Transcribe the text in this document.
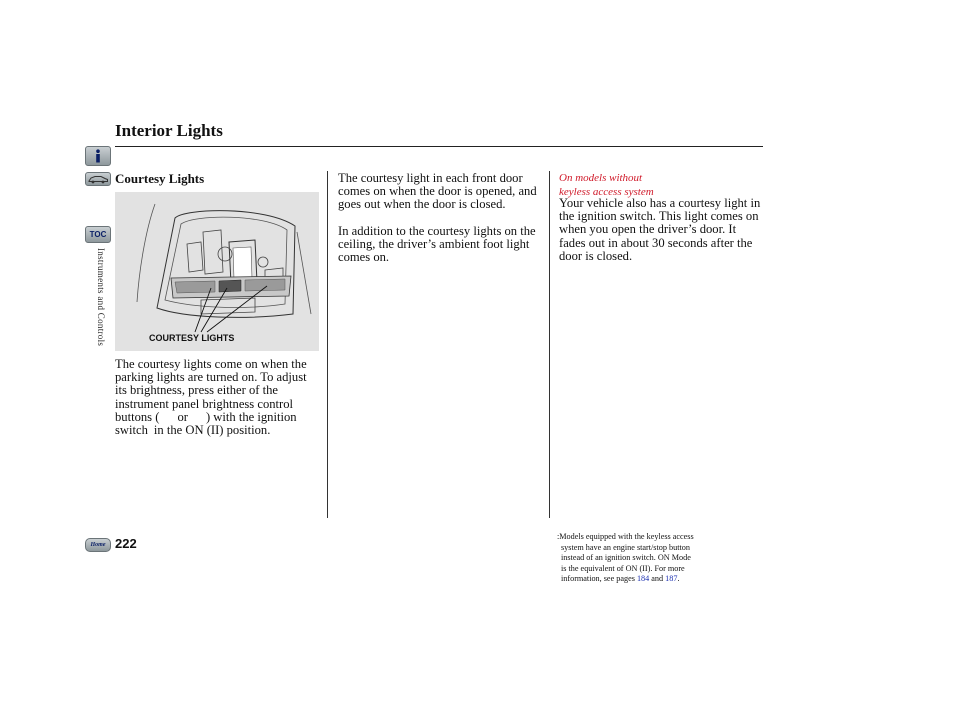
Interior Lights
TOC
Instruments and Controls
Home
Courtesy Lights
COURTESY LIGHTS
The courtesy lights come on when the parking lights are turned on. To adjust its brightness, press either of the instrument panel brightness control buttons ( or ) with the ignition switch in the ON (II) position.
The courtesy light in each front door comes on when the door is opened, and goes out when the door is closed.
In addition to the courtesy lights on the ceiling, the driver’s ambient foot light comes on.
On models without
keyless access system
Your vehicle also has a courtesy light in the ignition switch. This light comes on when you open the driver’s door. It fades out in about 30 seconds after the door is closed.
222	:Models equipped with the keyless access
system have an engine start/stop button
instead of an ignition switch. ON Mode
is the equivalent of ON (II). For more
information, see pages 184 and 187.
